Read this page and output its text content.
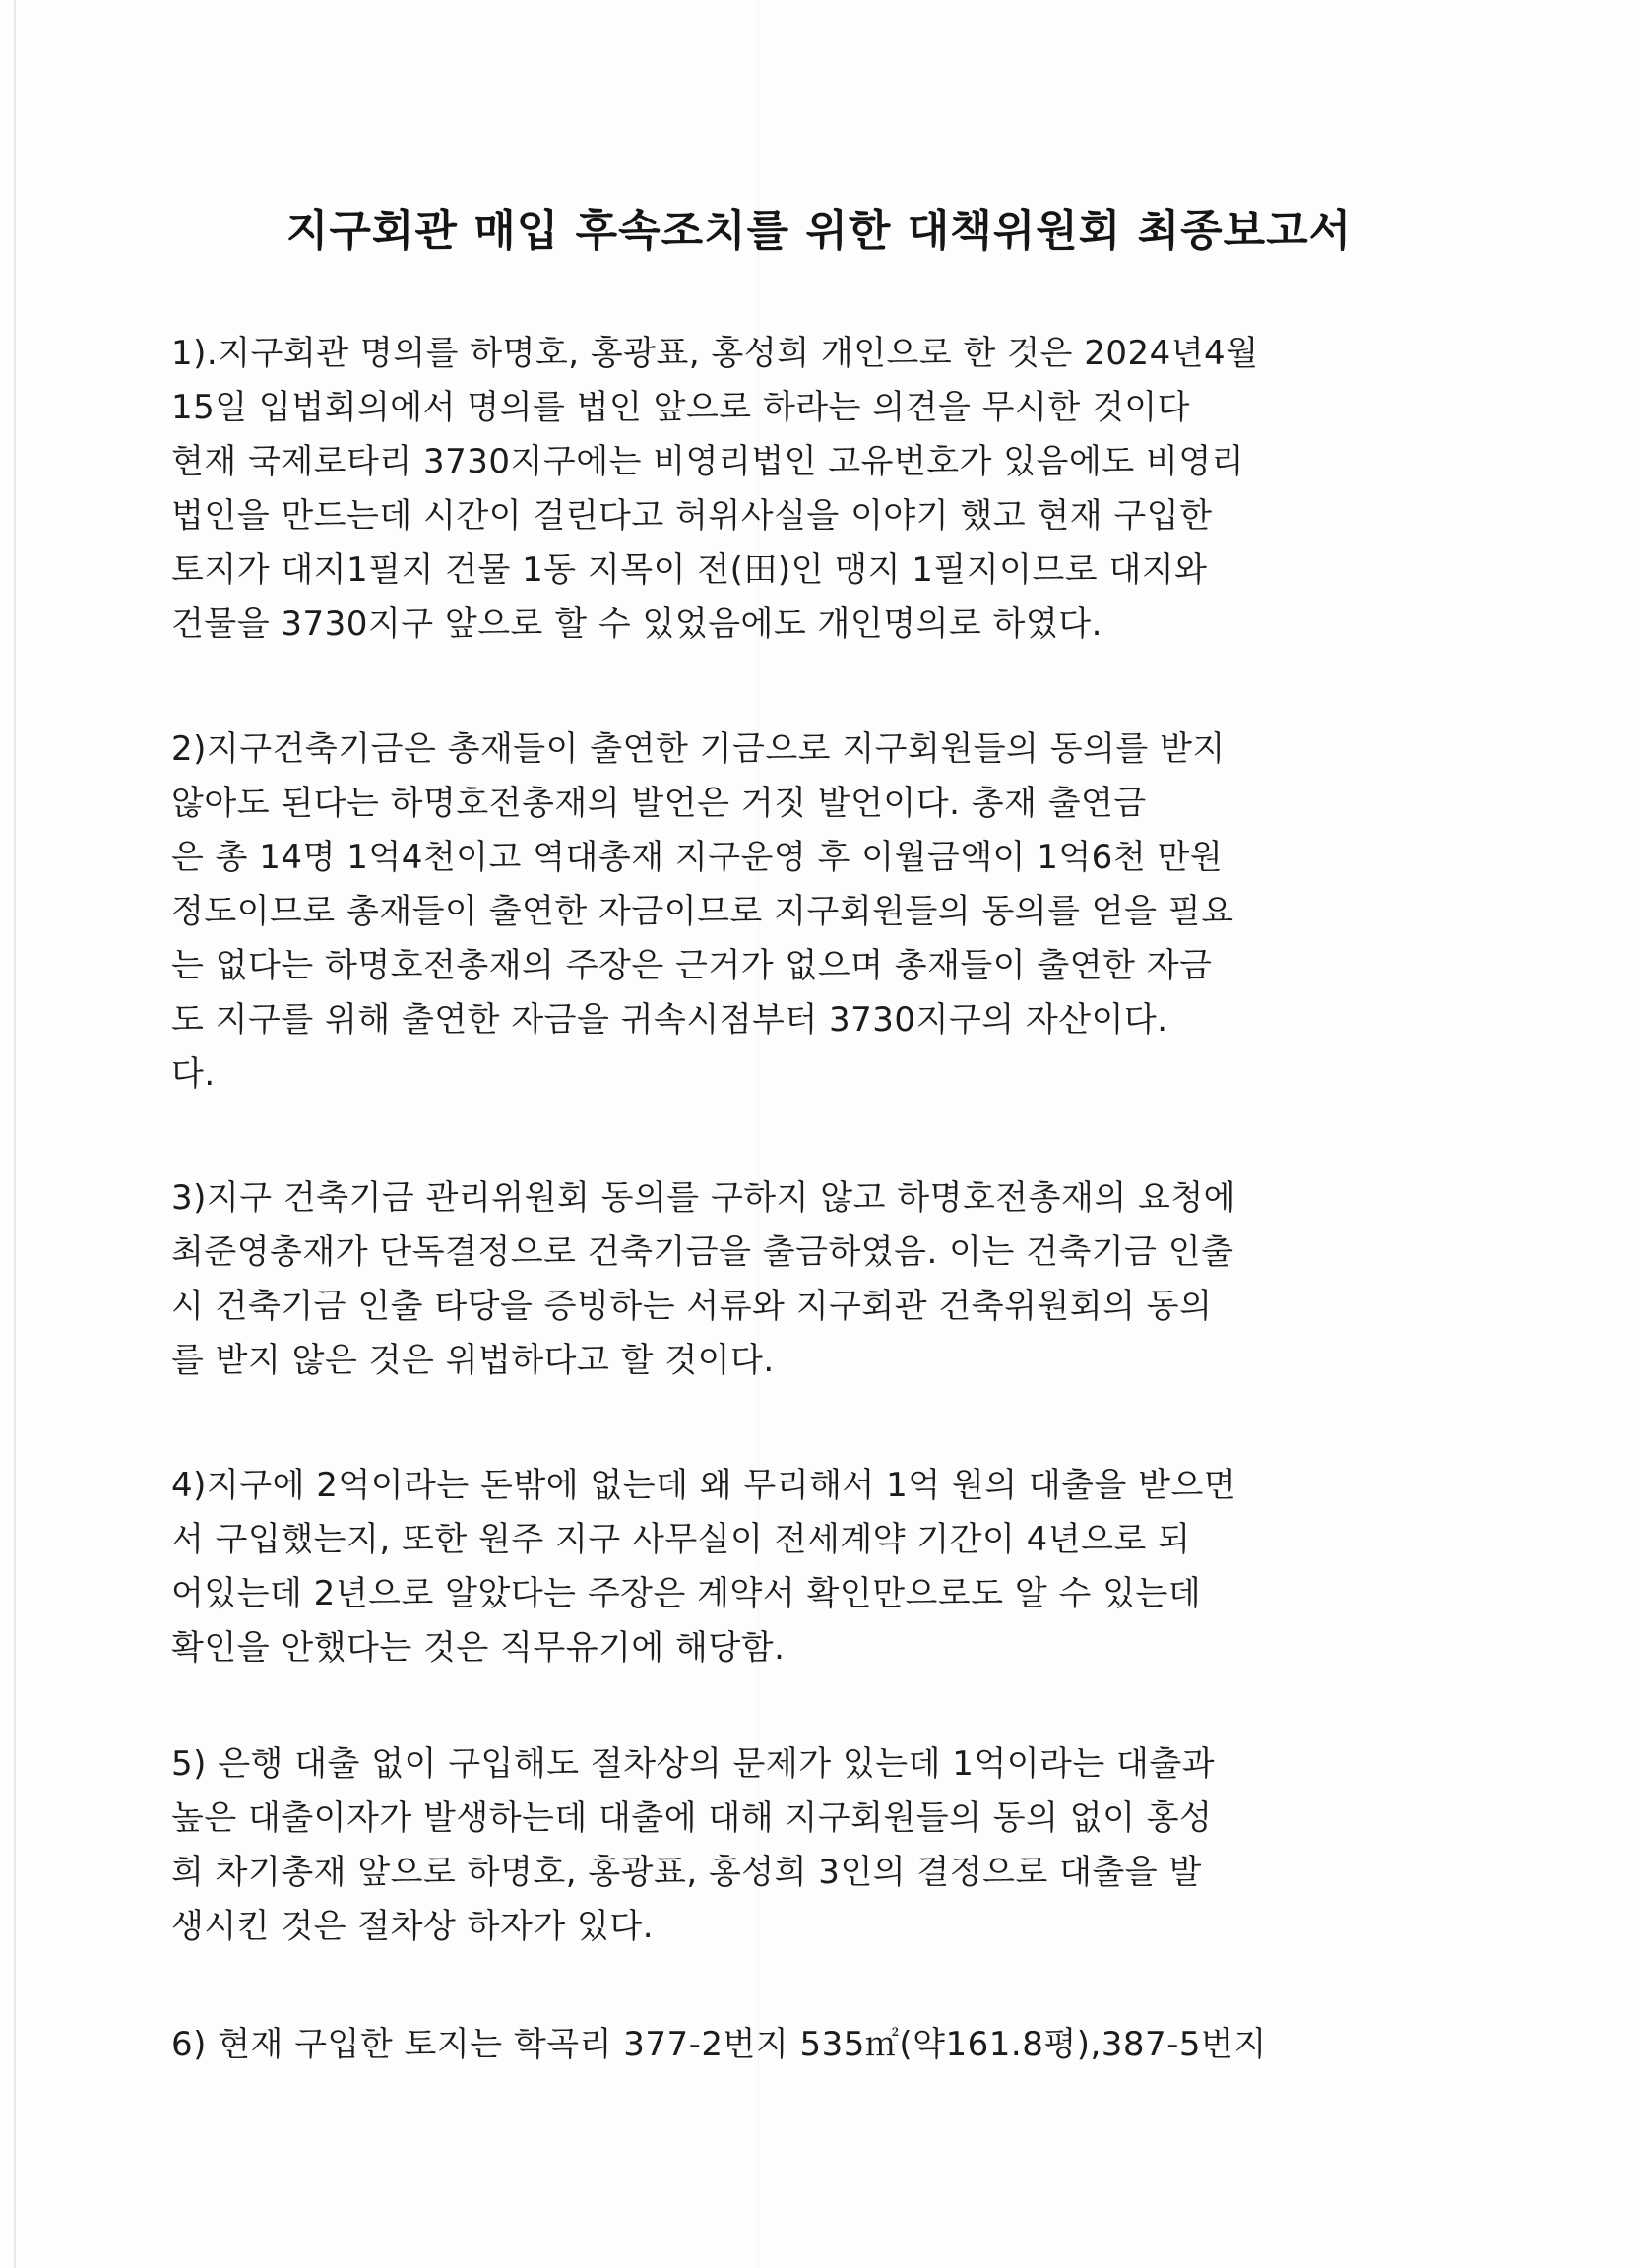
지구회관 매입 후속조치를 위한 대책위원회 최종보고서
1).지구회관 명의를 하명호, 홍광표, 홍성희 개인으로 한 것은 2024년4월
15일 입법회의에서 명의를 법인 앞으로 하라는 의견을 무시한 것이다
현재 국제로타리 3730지구에는 비영리법인 고유번호가 있음에도 비영리
법인을 만드는데 시간이 걸린다고 허위사실을 이야기 했고 현재 구입한
토지가 대지1필지 건물 1동 지목이 전(田)인 맹지 1필지이므로 대지와
건물을 3730지구 앞으로 할 수 있었음에도 개인명의로 하였다.
2)지구건축기금은 총재들이 출연한 기금으로 지구회원들의 동의를 받지
않아도 된다는 하명호전총재의 발언은 거짓 발언이다. 총재 출연금
은 총 14명 1억4천이고 역대총재 지구운영 후 이월금액이 1억6천 만원
정도이므로 총재들이 출연한 자금이므로 지구회원들의 동의를 얻을 필요
는 없다는 하명호전총재의 주장은 근거가 없으며 총재들이 출연한 자금
도 지구를 위해 출연한 자금을 귀속시점부터 3730지구의 자산이다.
다.
3)지구 건축기금 관리위원회 동의를 구하지 않고 하명호전총재의 요청에
최준영총재가 단독결정으로 건축기금을 출금하였음. 이는 건축기금 인출
시 건축기금 인출 타당을 증빙하는 서류와 지구회관 건축위원회의 동의
를 받지 않은 것은 위법하다고 할 것이다.
4)지구에 2억이라는 돈밖에 없는데 왜 무리해서 1억 원의 대출을 받으면
서 구입했는지, 또한 원주 지구 사무실이 전세계약 기간이 4년으로 되
어있는데 2년으로 알았다는 주장은 계약서 확인만으로도 알 수 있는데
확인을 안했다는 것은 직무유기에 해당함.
5) 은행 대출 없이 구입해도 절차상의 문제가 있는데 1억이라는 대출과
높은 대출이자가 발생하는데 대출에 대해 지구회원들의 동의 없이 홍성
희 차기총재 앞으로 하명호, 홍광표, 홍성희 3인의 결정으로 대출을 발
생시킨 것은 절차상 하자가 있다.
6) 현재 구입한 토지는 학곡리 377-2번지 535㎡(약161.8평),387-5번지
